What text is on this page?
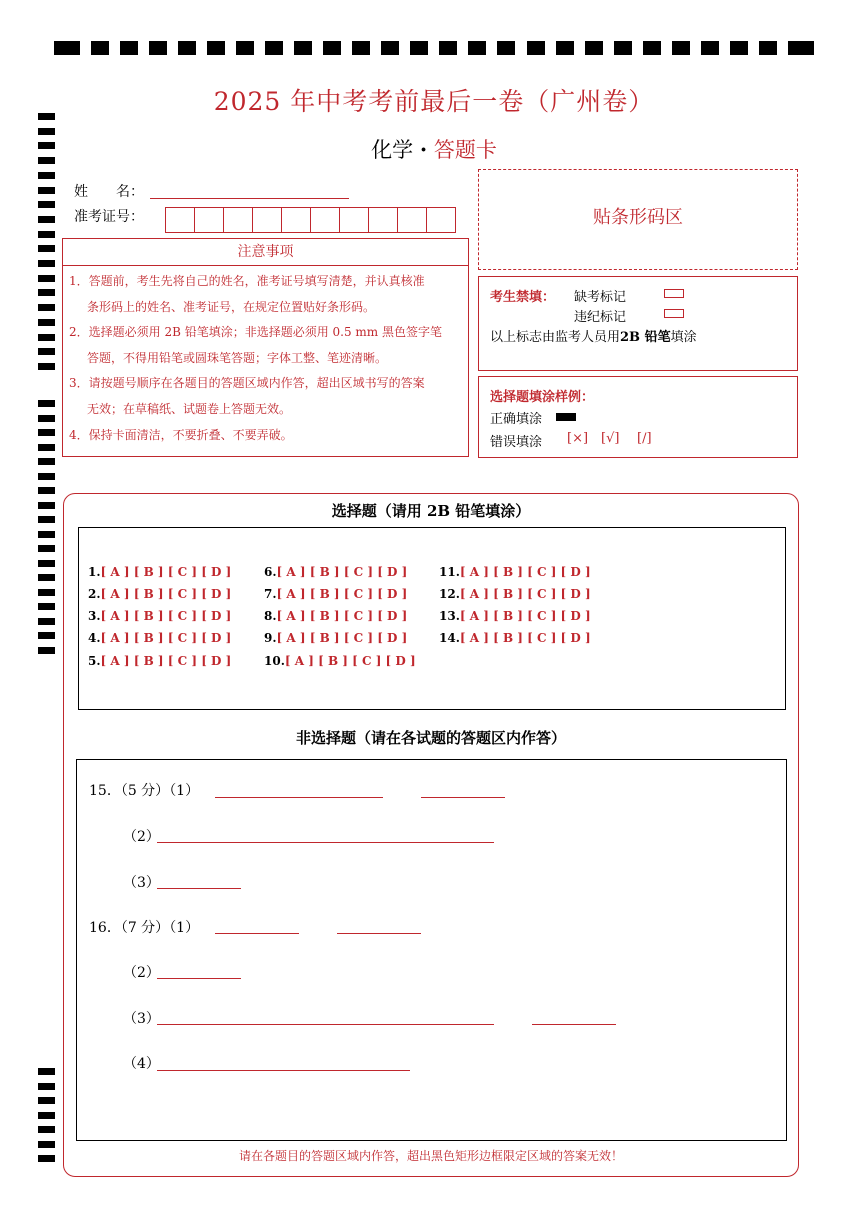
2025 年中考考前最后一卷（广州卷）
化学 · 答题卡
姓　　名：
准考证号：
注意事项
1．答题前，考生先将自己的姓名，准考证号填写清楚，并认真核准
条形码上的姓名、准考证号，在规定位置贴好条形码。
2．选择题必须用 2B 铅笔填涂；非选择题必须用 0.5 mm 黑色签字笔
答题，不得用铅笔或圆珠笔答题；字体工整、笔迹清晰。
3．请按题号顺序在各题目的答题区域内作答，超出区域书写的答案
无效；在草稿纸、试题卷上答题无效。
4．保持卡面清洁，不要折叠、不要弄破。
贴条形码区
考生禁填： 缺考标记
违纪标记
以上标志由监考人员用2B 铅笔填涂
选择题填涂样例：
正确填涂
错误填涂 [×] [√] [/]
选择题（请用 2B 铅笔填涂）
1.[ A ] [ B ] [ C ] [ D ]
2.[ A ] [ B ] [ C ] [ D ]
3.[ A ] [ B ] [ C ] [ D ]
4.[ A ] [ B ] [ C ] [ D ]
5.[ A ] [ B ] [ C ] [ D ]
6.[ A ] [ B ] [ C ] [ D ]
7.[ A ] [ B ] [ C ] [ D ]
8.[ A ] [ B ] [ C ] [ D ]
9.[ A ] [ B ] [ C ] [ D ]
10.[ A ] [ B ] [ C ] [ D ]
11.[ A ] [ B ] [ C ] [ D ]
12.[ A ] [ B ] [ C ] [ D ]
13.[ A ] [ B ] [ C ] [ D ]
14.[ A ] [ B ] [ C ] [ D ]
非选择题（请在各试题的答题区内作答）
15．（5 分）（1）
（2）
（3）
16．（7 分）（1）
（2）
（3）
（4）
请在各题目的答题区域内作答，超出黑色矩形边框限定区域的答案无效！
